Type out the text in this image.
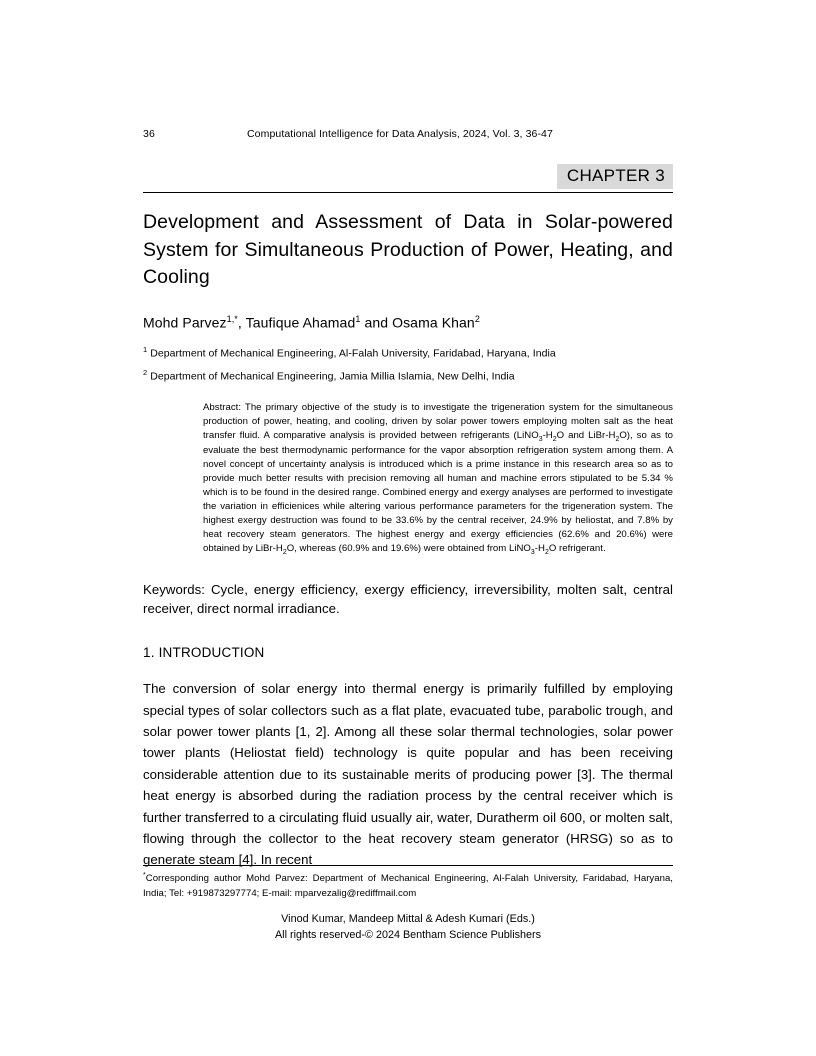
36	Computational Intelligence for Data Analysis, 2024, Vol. 3, 36-47
CHAPTER 3
Development and Assessment of Data in Solar-powered System for Simultaneous Production of Power, Heating, and Cooling
Mohd Parvez$^{1,*}$, Taufique Ahamad$^1$ and Osama Khan$^2$
$^1$ Department of Mechanical Engineering, Al-Falah University, Faridabad, Haryana, India
$^2$ Department of Mechanical Engineering, Jamia Millia Islamia, New Delhi, India
Abstract: The primary objective of the study is to investigate the trigeneration system for the simultaneous production of power, heating, and cooling, driven by solar power towers employing molten salt as the heat transfer fluid. A comparative analysis is provided between refrigerants ($LiNO_3-H_2O$ and LiBr-$H_2O$), so as to evaluate the best thermodynamic performance for the vapor absorption refrigeration system among them. A novel concept of uncertainty analysis is introduced which is a prime instance in this research area so as to provide much better results with precision removing all human and machine errors stipulated to be 5.34 % which is to be found in the desired range. Combined energy and exergy analyses are performed to investigate the variation in efficienices while altering various performance parameters for the trigeneration system. The highest exergy destruction was found to be 33.6% by the central receiver, 24.9% by heliostat, and 7.8% by heat recovery steam generators. The highest energy and exergy efficiencies (62.6% and 20.6%) were obtained by LiBr-$H_2O$, whereas (60.9% and 19.6%) were obtained from $LiNO_3-H_2O$ refrigerant.
Keywords: Cycle, energy efficiency, exergy efficiency, irreversibility, molten salt, central receiver, direct normal irradiance.
1. INTRODUCTION

The conversion of solar energy into thermal energy is primarily fulfilled by employing special types of solar collectors such as a flat plate, evacuated tube, parabolic trough, and solar power tower plants [1, 2]. Among all these solar thermal technologies, solar power tower plants (Heliostat field) technology is quite popular and has been receiving considerable attention due to its sustainable merits of producing power [3]. The thermal heat energy is absorbed during the radiation process by the central receiver which is further transferred to a circulating fluid usually air, water, Duratherm oil 600, or molten salt, flowing through the collector to the heat recovery steam generator (HRSG) so as to generate steam [4]. In recent

*Corresponding author Mohd Parvez: Department of Mechanical Engineering, Al-Falah University, Faridabad, Haryana, India; Tel: +919873297774; E-mail: mparvezalig@rediffmail.com
Vinod Kumar, Mandeep Mittal & Adesh Kumari (Eds.)
All rights reserved-© 2024 Bentham Science Publishers
